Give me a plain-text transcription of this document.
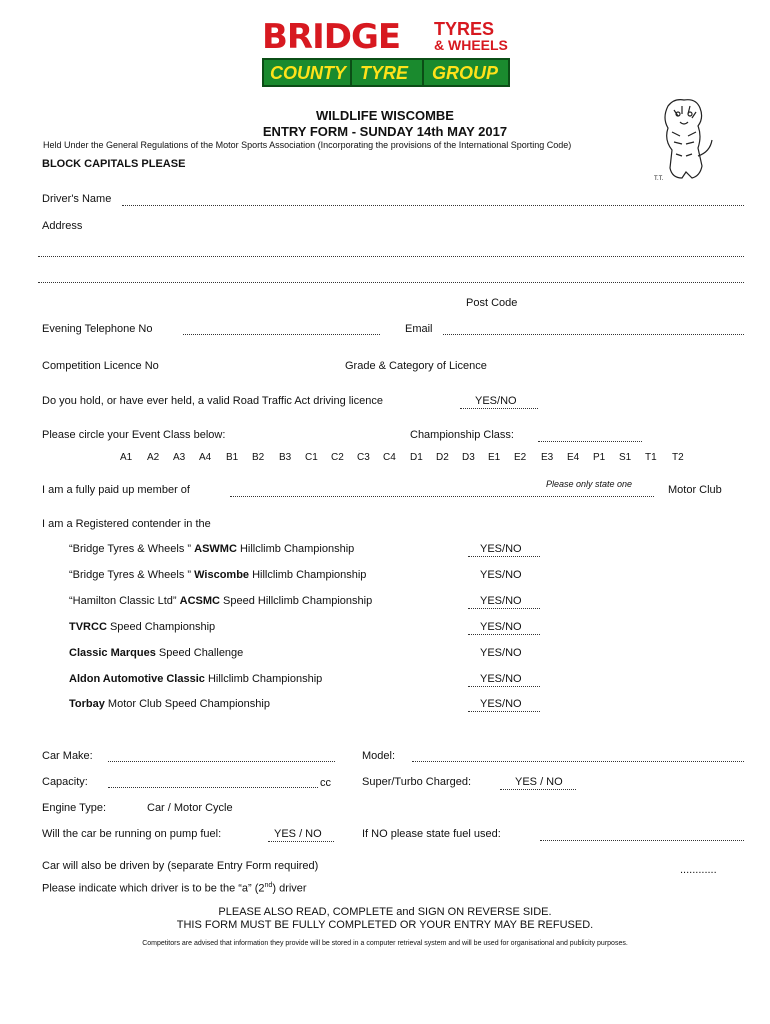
BRIDGE TYRES
& WHEELS
COUNTY TYRE GROUP
T.T.
WILDLIFE WISCOMBE
ENTRY FORM - SUNDAY 14th MAY 2017
Held Under the General Regulations of the Motor Sports Association (Incorporating the provisions of the International Sporting Code)
BLOCK CAPITALS PLEASE
Driver's Name
Address
Post Code
Evening Telephone No	Email
Competition Licence No	Grade & Category of Licence
Do you hold, or have ever held, a valid Road Traffic Act driving licence	YES/NO
Please circle your Event Class below:	Championship Class:
A1 A2 A3 A4 B1 B2 B3 C1 C2 C3 C4 D1 D2 D3 E1 E2 E3 E4 P1 S1 T1 T2
I am a fully paid up member of	Please only state one	Motor Club
I am a Registered contender in the
“Bridge Tyres & Wheels ” ASWMC Hillclimb Championship	YES/NO
“Bridge Tyres & Wheels ” Wiscombe Hillclimb Championship	YES/NO
“Hamilton Classic Ltd” ACSMC Speed Hillclimb Championship	YES/NO
TVRCC Speed Championship	YES/NO
Classic Marques Speed Challenge	YES/NO
Aldon Automotive Classic Hillclimb Championship	YES/NO
Torbay Motor Club Speed Championship	YES/NO
Car Make:	Model:
Capacity:	cc	Super/Turbo Charged:	YES / NO
Engine Type:	Car / Motor Cycle
Will the car be running on pump fuel:	YES / NO	If NO please state fuel used:
Car will also be driven by (separate Entry Form required)	............
Please indicate which driver is to be the “a” (2nd) driver
PLEASE ALSO READ, COMPLETE and SIGN ON REVERSE SIDE.
THIS FORM MUST BE FULLY COMPLETED OR YOUR ENTRY MAY BE REFUSED.
Competitors are advised that information they provide will be stored in a computer retrieval system and will be used for organisational and publicity purposes.
